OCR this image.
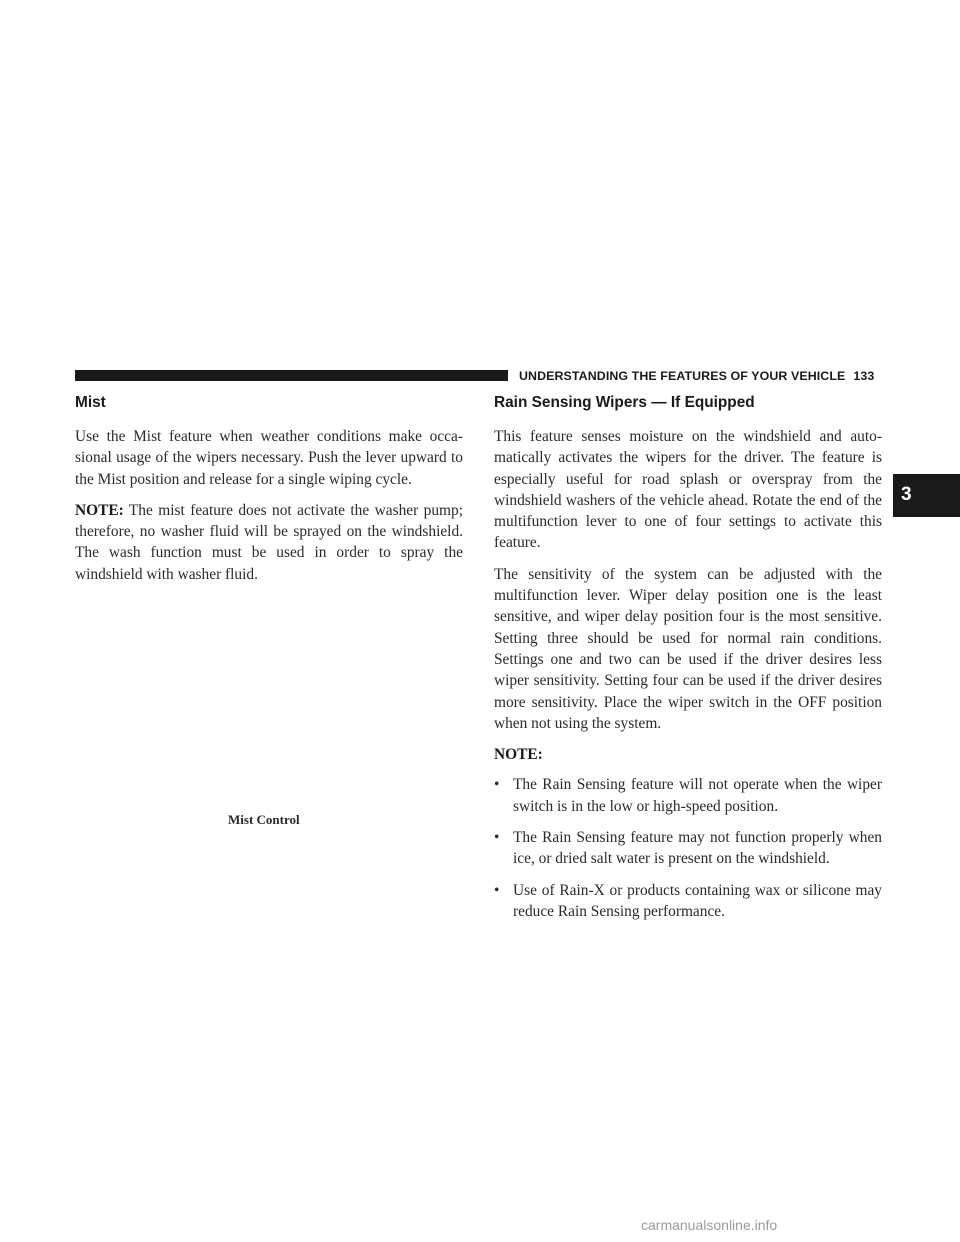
UNDERSTANDING THE FEATURES OF YOUR VEHICLE 133
3
Mist

Use the Mist feature when weather conditions make occasional usage of the wipers necessary. Push the lever upward to the Mist position and release for a single wiping cycle.

NOTE: The mist feature does not activate the washer pump; therefore, no washer fluid will be sprayed on the windshield. The wash function must be used in order to spray the windshield with washer fluid.

Mist Control
Rain Sensing Wipers — If Equipped

This feature senses moisture on the windshield and automatically activates the wipers for the driver. The feature is especially useful for road splash or overspray from the windshield washers of the vehicle ahead. Rotate the end of the multifunction lever to one of four settings to activate this feature.

The sensitivity of the system can be adjusted with the multifunction lever. Wiper delay position one is the least sensitive, and wiper delay position four is the most sensitive. Setting three should be used for normal rain conditions. Settings one and two can be used if the driver desires less wiper sensitivity. Setting four can be used if the driver desires more sensitivity. Place the wiper switch in the OFF position when not using the system.

NOTE:

• The Rain Sensing feature will not operate when the wiper switch is in the low or high-speed position.
• The Rain Sensing feature may not function properly when ice, or dried salt water is present on the windshield.
• Use of Rain-X or products containing wax or silicone may reduce Rain Sensing performance.
carmanualsonline.info
